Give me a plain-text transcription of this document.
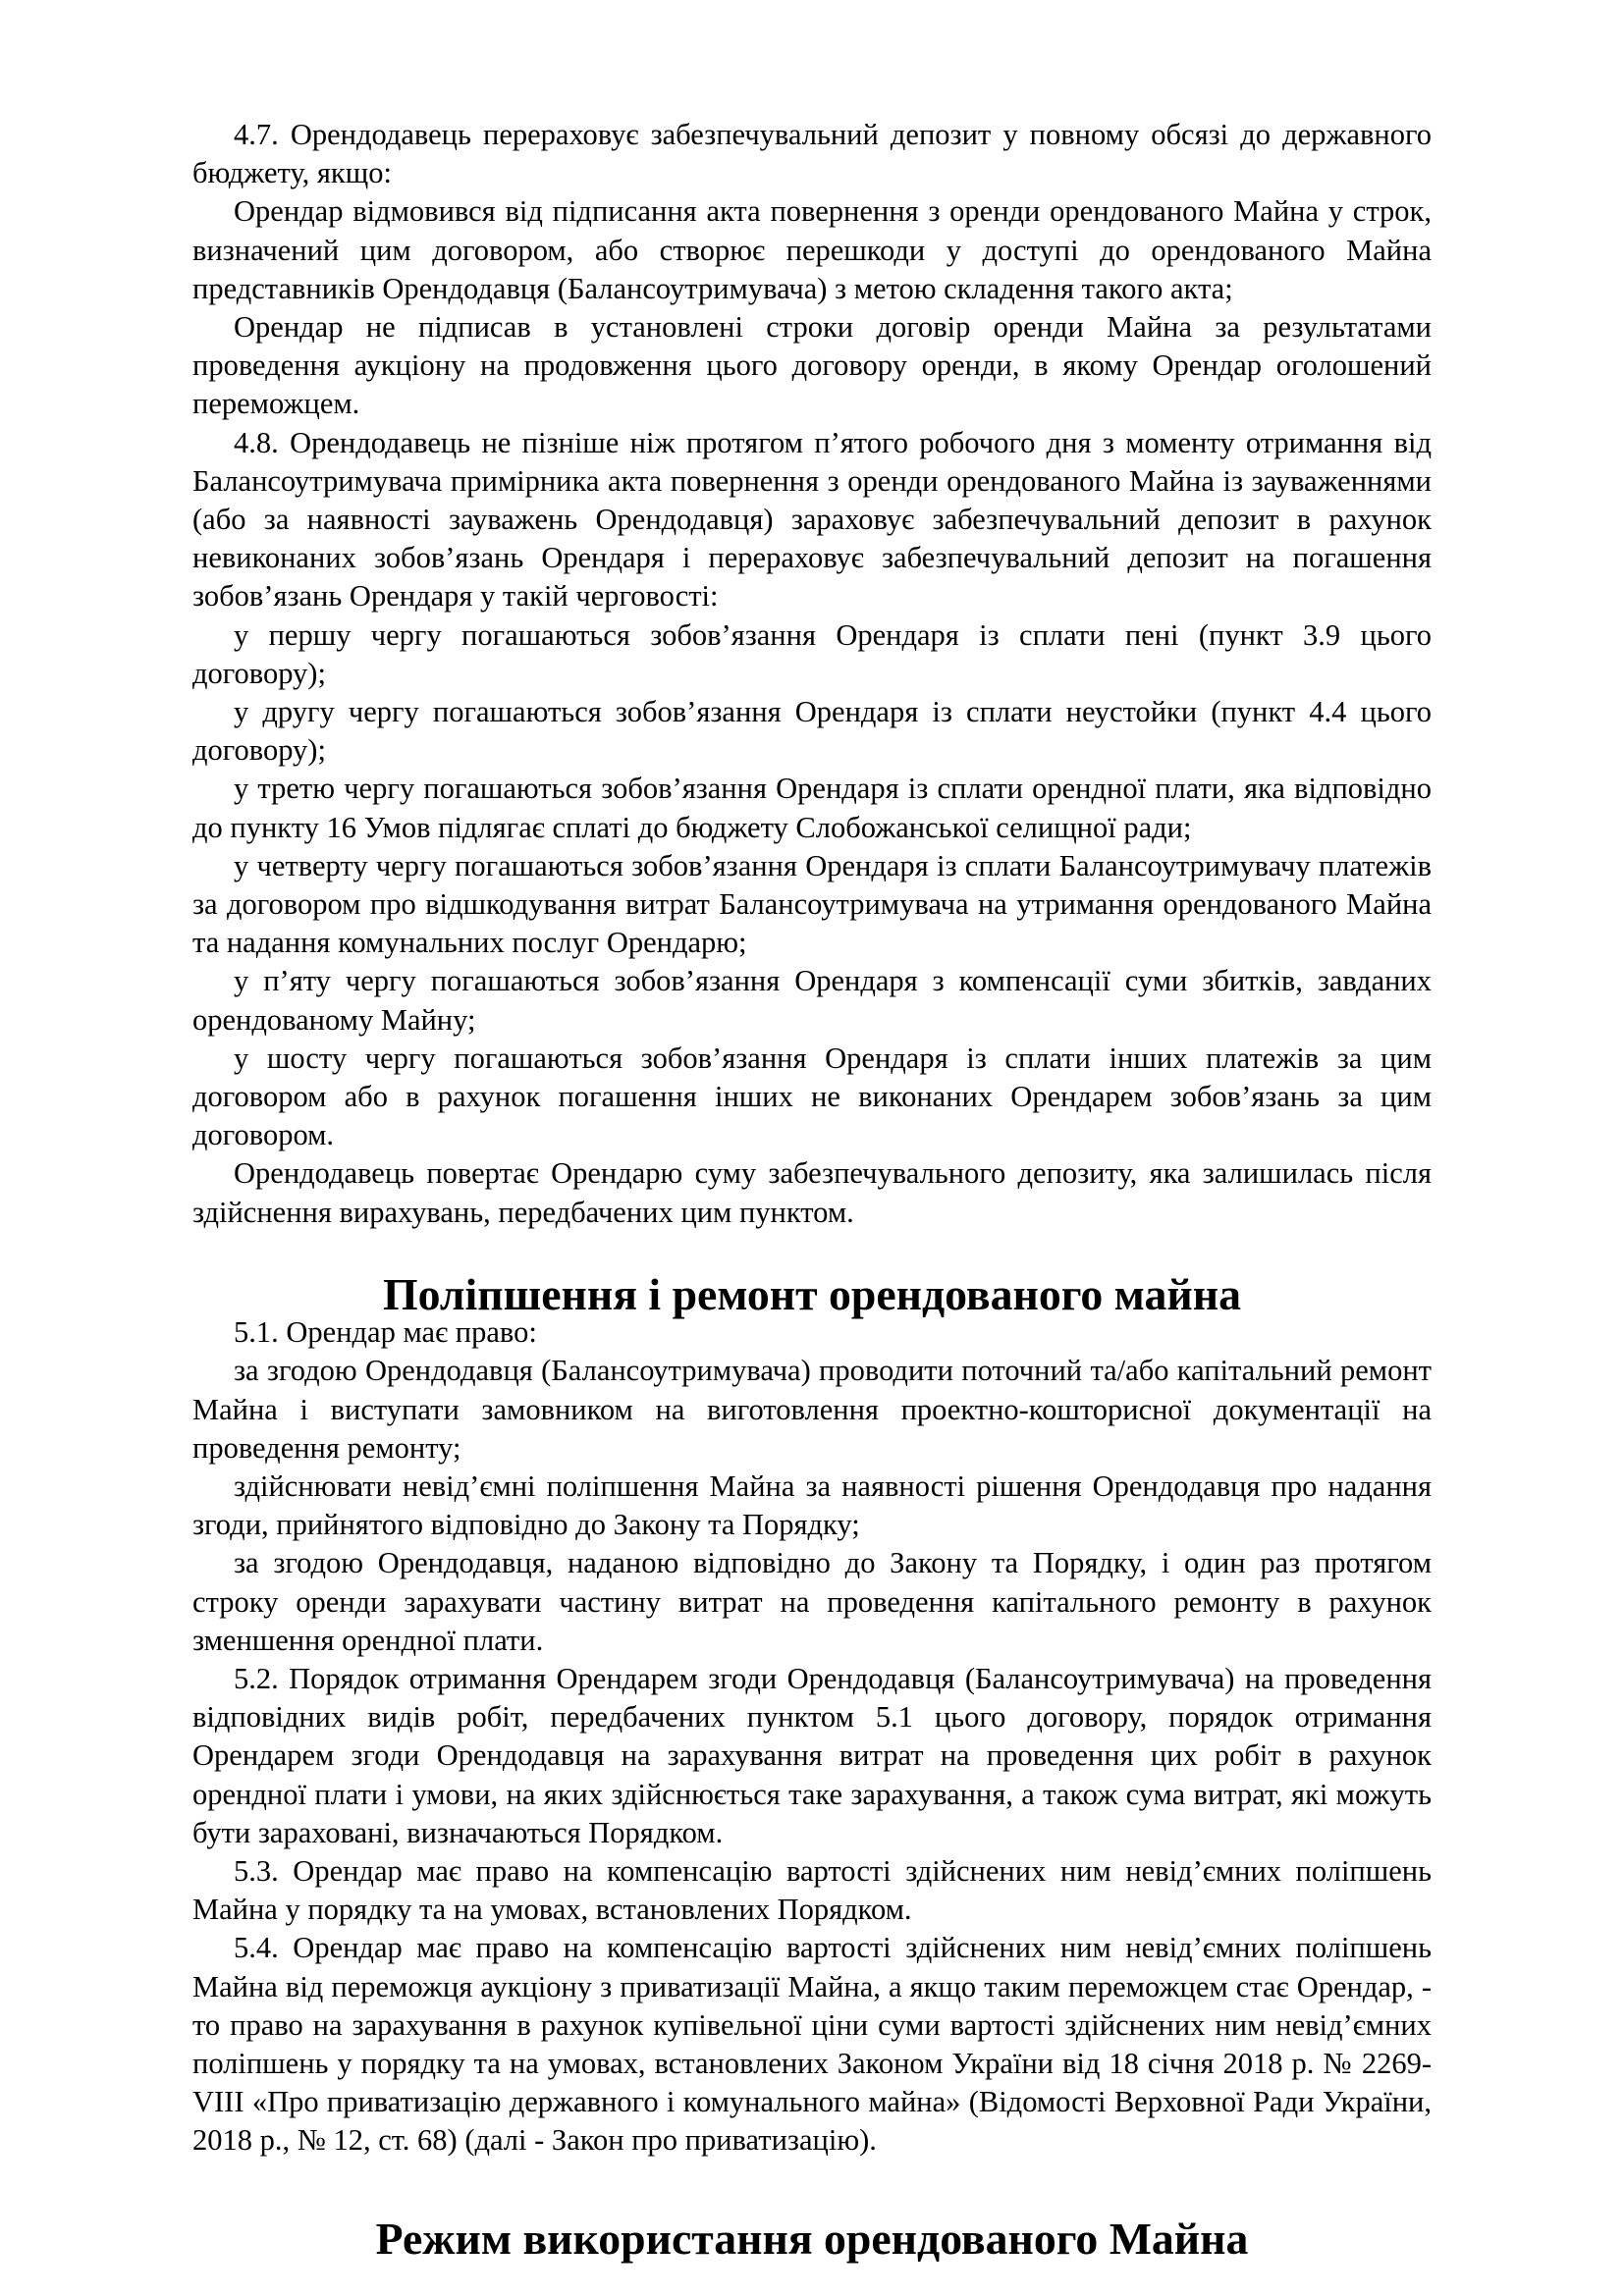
4.7. Орендодавець перераховує забезпечувальний депозит у повному обсязі до державного бюджету, якщо:

Орендар відмовився від підписання акта повернення з оренди орендованого Майна у строк, визначений цим договором, або створює перешкоди у доступі до орендованого Майна представників Орендодавця (Балансоутримувача) з метою складення такого акта;

Орендар не підписав в установлені строки договір оренди Майна за результатами проведення аукціону на продовження цього договору оренди, в якому Орендар оголошений переможцем.

4.8. Орендодавець не пізніше ніж протягом п’ятого робочого дня з моменту отримання від Балансоутримувача примірника акта повернення з оренди орендованого Майна із зауваженнями (або за наявності зауважень Орендодавця) зараховує забезпечувальний депозит в рахунок невиконаних зобов’язань Орендаря і перераховує забезпечувальний депозит на погашення зобов’язань Орендаря у такій черговості:

у першу чергу погашаються зобов’язання Орендаря із сплати пені (пункт 3.9 цього договору);

у другу чергу погашаються зобов’язання Орендаря із сплати неустойки (пункт 4.4 цього договору);

у третю чергу погашаються зобов’язання Орендаря із сплати орендної плати, яка відповідно до пункту 16 Умов підлягає сплаті до бюджету Слобожанської селищної ради;

у четверту чергу погашаються зобов’язання Орендаря із сплати Балансоутримувачу платежів за договором про відшкодування витрат Балансоутримувача на утримання орендованого Майна та надання комунальних послуг Орендарю;

у п’яту чергу погашаються зобов’язання Орендаря з компенсації суми збитків, завданих орендованому Майну;

у шосту чергу погашаються зобов’язання Орендаря із сплати інших платежів за цим договором або в рахунок погашення інших не виконаних Орендарем зобов’язань за цим договором.

Орендодавець повертає Орендарю суму забезпечувального депозиту, яка залишилась після здійснення вирахувань, передбачених цим пунктом.

Поліпшення і ремонт орендованого майна

5.1. Орендар має право:

за згодою Орендодавця (Балансоутримувача) проводити поточний та/або капітальний ремонт Майна і виступати замовником на виготовлення проектно-кошторисної документації на проведення ремонту;

здійснювати невід’ємні поліпшення Майна за наявності рішення Орендодавця про надання згоди, прийнятого відповідно до Закону та Порядку;

за згодою Орендодавця, наданою відповідно до Закону та Порядку, і один раз протягом строку оренди зарахувати частину витрат на проведення капітального ремонту в рахунок зменшення орендної плати.

5.2. Порядок отримання Орендарем згоди Орендодавця (Балансоутримувача) на проведення відповідних видів робіт, передбачених пунктом 5.1 цього договору, порядок отримання Орендарем згоди Орендодавця на зарахування витрат на проведення цих робіт в рахунок орендної плати і умови, на яких здійснюється таке зарахування, а також сума витрат, які можуть бути зараховані, визначаються Порядком.

5.3. Орендар має право на компенсацію вартості здійснених ним невід’ємних поліпшень Майна у порядку та на умовах, встановлених Порядком.

5.4. Орендар має право на компенсацію вартості здійснених ним невід’ємних поліпшень Майна від переможця аукціону з приватизації Майна, а якщо таким переможцем стає Орендар, - то право на зарахування в рахунок купівельної ціни суми вартості здійснених ним невід’ємних поліпшень у порядку та на умовах, встановлених Законом України від 18 січня 2018 р. № 2269-VIII «Про приватизацію державного і комунального майна» (Відомості Верховної Ради України, 2018 р., № 12, ст. 68) (далі - Закон про приватизацію).

Режим використання орендованого Майна
